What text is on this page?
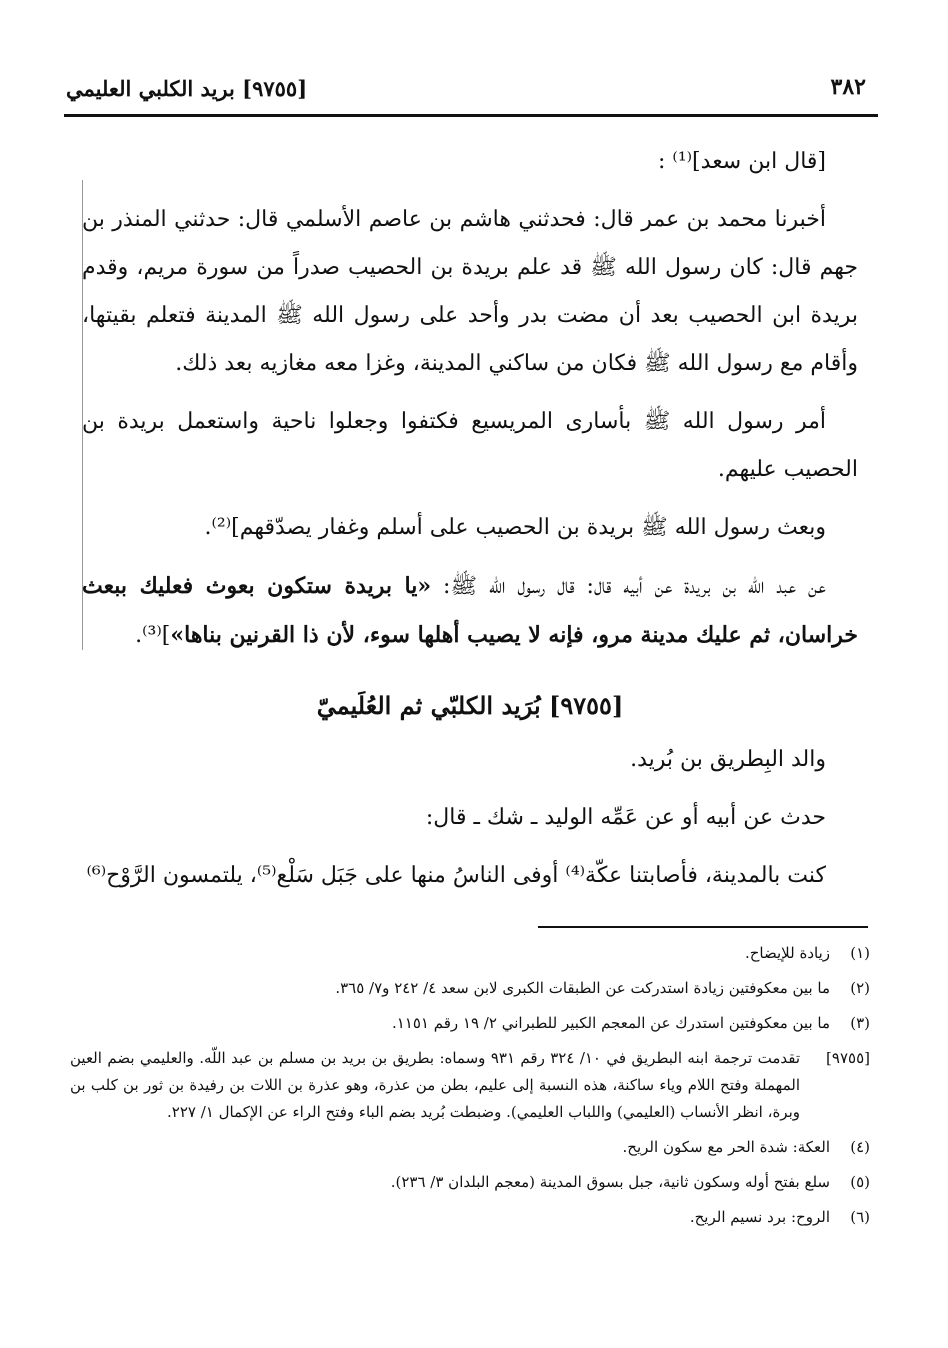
٣٨٢
[٩٧٥٥] بريد الكلبي العليمي

[قال ابن سعد]⁽¹⁾ :

أخبرنا محمد بن عمر قال: فحدثني هاشم بن عاصم الأسلمي قال: حدثني المنذر بن جهم قال: كان رسول الله ﷺ قد علم بريدة بن الحصيب صدراً من سورة مريم، وقدم بريدة ابن الحصيب بعد أن مضت بدر وأحد على رسول الله ﷺ المدينة فتعلم بقيتها، وأقام مع رسول الله ﷺ فكان من ساكني المدينة، وغزا معه مغازيه بعد ذلك.

أمر رسول الله ﷺ بأسارى المريسيع فكتفوا وجعلوا ناحية واستعمل بريدة بن الحصيب عليهم.

وبعث رسول الله ﷺ بريدة بن الحصيب على أسلم وغفار يصدّقهم]⁽²⁾.

عن عبد اللّه بن بريدة عن أبيه قال: قال رسول الله ﷺ: «يا بريدة ستكون بعوث فعليك ببعث خراسان، ثم عليك مدينة مرو، فإنه لا يصيب أهلها سوء، لأن ذا القرنين بناها»]⁽³⁾.

[٩٧٥٥] بُرَيد الكلبّي ثم العُلَيميّ

والد البِطريق بن بُريد.

حدث عن أبيه أو عن عَمِّه الوليد ـ شك ـ قال:

كنت بالمدينة، فأصابتنا عكّة⁽⁴⁾ أوفى الناسُ منها على جَبَل سَلْع⁽⁵⁾، يلتمسون الرَّوْح⁽⁶⁾

(١)
زيادة للإيضاح.
(٢)
ما بين معكوفتين زيادة استدركت عن الطبقات الكبرى لابن سعد ٤/ ٢٤٢ و٧/ ٣٦٥.
(٣)
ما بين معكوفتين استدرك عن المعجم الكبير للطبراني ٢/ ١٩ رقم ١١٥١.
[٩٧٥٥]
تقدمت ترجمة ابنه البطريق في ١٠/ ٣٢٤ رقم ٩٣١ وسماه: بطريق بن بريد بن مسلم بن عبد اللّه. والعليمي بضم العين المهملة وفتح اللام وياء ساكنة، هذه النسبة إلى عليم، بطن من عذرة، وهو عذرة بن اللات بن رفيدة بن ثور بن كلب بن وبرة، انظر الأنساب (العليمي) واللباب العليمي). وضبطت بُريد بضم الباء وفتح الراء عن الإكمال ١/ ٢٢٧.
(٤)
العكة: شدة الحر مع سكون الريح.
(٥)
سلع بفتح أوله وسكون ثانية، جبل بسوق المدينة (معجم البلدان ٣/ ٢٣٦).
(٦)
الروح: برد نسيم الريح.
